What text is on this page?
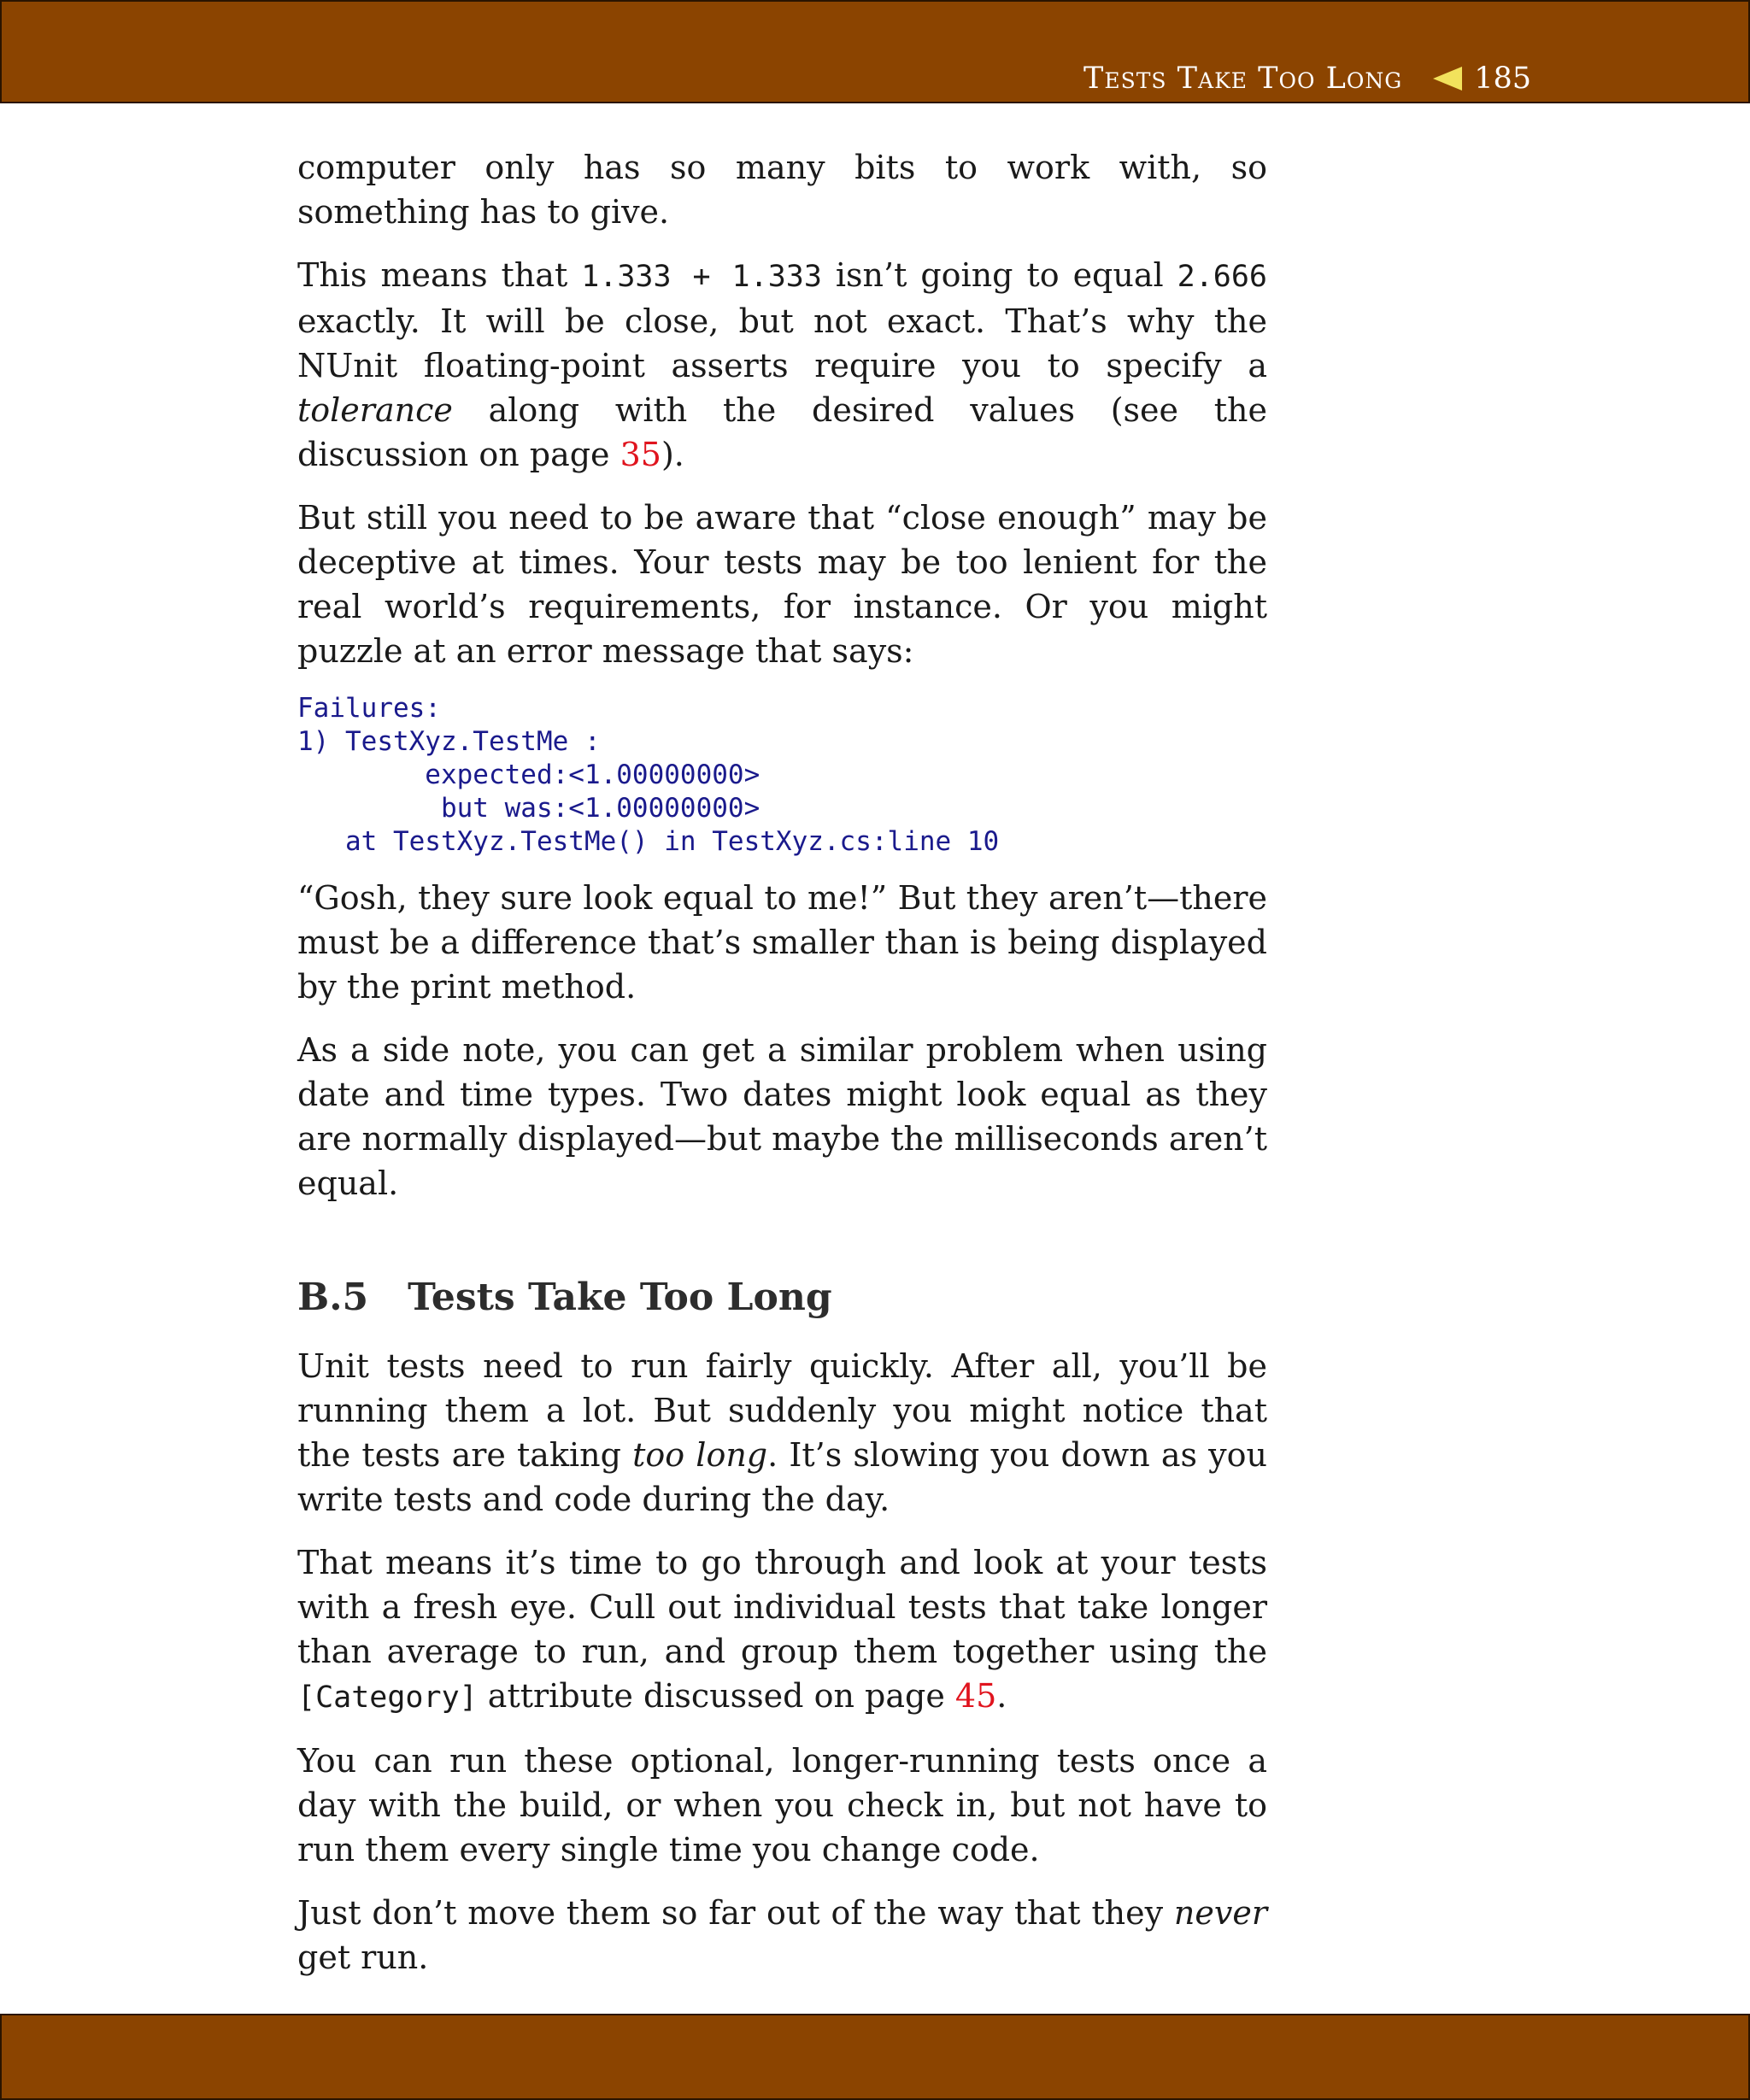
Tests Take Too Long 185

computer only has so many bits to work with, so something has to give.

This means that 1.333 + 1.333 isn’t going to equal 2.666 exactly. It will be close, but not exact. That’s why the NUnit floating-point asserts require you to specify a tolerance along with the desired values (see the discussion on page 35).

But still you need to be aware that “close enough” may be deceptive at times. Your tests may be too lenient for the real world’s requirements, for instance. Or you might puzzle at an error message that says:

Failures:
1) TestXyz.TestMe :
expected:<1.00000000>
but was:<1.00000000>
at TestXyz.TestMe() in TestXyz.cs:line 10

“Gosh, they sure look equal to me!” But they aren’t—there must be a difference that’s smaller than is being displayed by the print method.

As a side note, you can get a similar problem when using date and time types. Two dates might look equal as they are normally displayed—but maybe the milliseconds aren’t equal.

B.5 Tests Take Too Long

Unit tests need to run fairly quickly. After all, you’ll be running them a lot. But suddenly you might notice that the tests are taking too long. It’s slowing you down as you write tests and code during the day.

That means it’s time to go through and look at your tests with a fresh eye. Cull out individual tests that take longer than average to run, and group them together using the [Category] attribute discussed on page 45.

You can run these optional, longer-running tests once a day with the build, or when you check in, but not have to run them every single time you change code.

Just don’t move them so far out of the way that they never get run.
